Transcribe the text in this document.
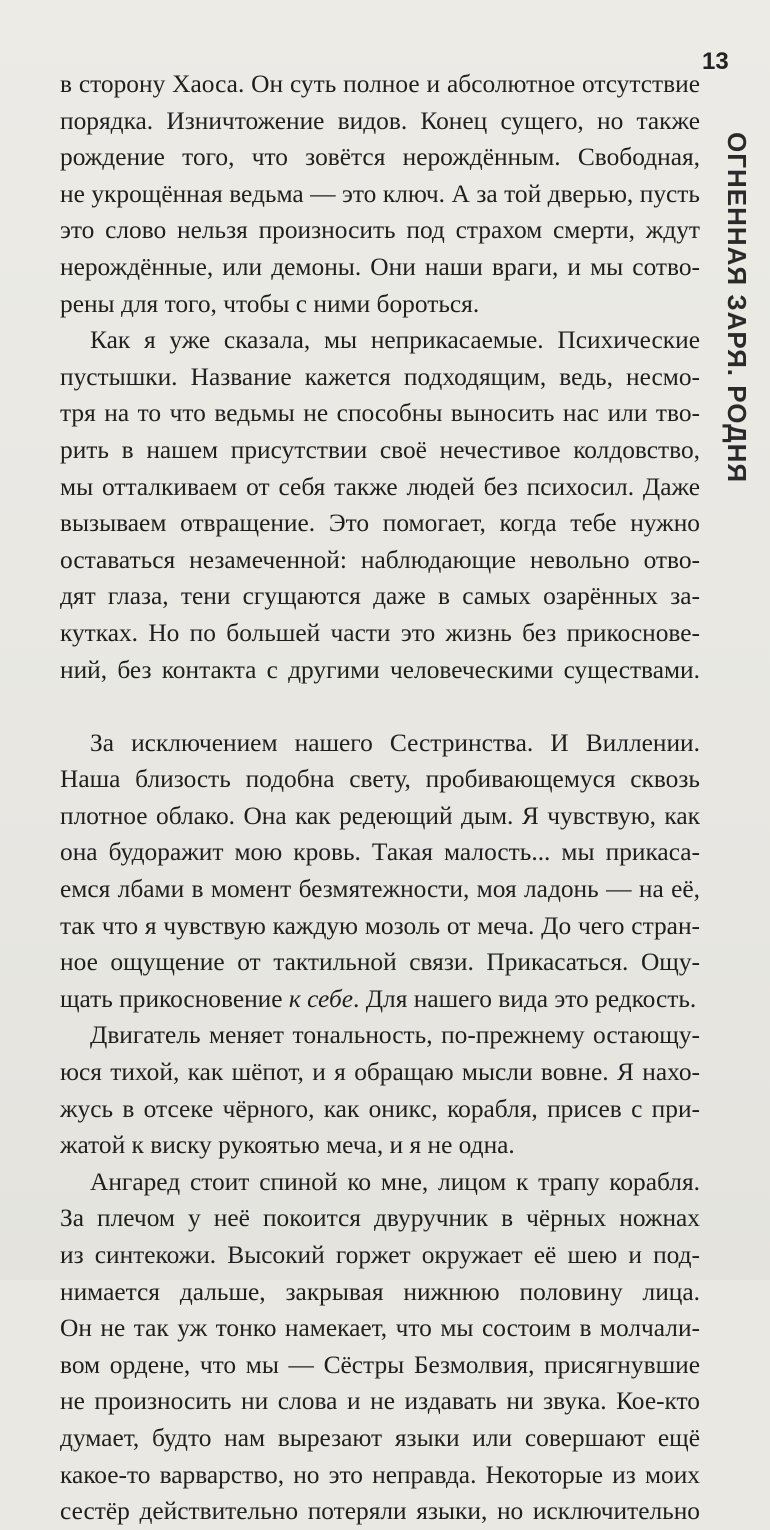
13
ОГНЕННАЯ ЗАРЯ. РОДНЯ
в сторону Хаоса. Он суть полное и абсолютное отсутствие
порядка. Изничтожение видов. Конец сущего, но также
рождение того, что зовётся нерождённым. Свободная,
не укрощённая ведьма — это ключ. А за той дверью, пусть
это слово нельзя произносить под страхом смерти, ждут
нерождённые, или демоны. Они наши враги, и мы сотво-
рены для того, чтобы с ними бороться.
Как я уже сказала, мы неприкасаемые. Психические
пустышки. Название кажется подходящим, ведь, несмо-
тря на то что ведьмы не способны выносить нас или тво-
рить в нашем присутствии своё нечестивое колдовство,
мы отталкиваем от себя также людей без психосил. Даже
вызываем отвращение. Это помогает, когда тебе нужно
оставаться незамеченной: наблюдающие невольно отво-
дят глаза, тени сгущаются даже в самых озарённых за-
кутках. Но по большей части это жизнь без прикоснове-
ний, без контакта с другими человеческими существами.
За исключением нашего Сестринства. И Виллении.
Наша близость подобна свету, пробивающемуся сквозь
плотное облако. Она как редеющий дым. Я чувствую, как
она будоражит мою кровь. Такая малость... мы прикаса-
емся лбами в момент безмятежности, моя ладонь — на её,
так что я чувствую каждую мозоль от меча. До чего стран-
ное ощущение от тактильной связи. Прикасаться. Ощу-
щать прикосновение к себе. Для нашего вида это редкость.
Двигатель меняет тональность, по-прежнему остающу-
юся тихой, как шёпот, и я обращаю мысли вовне. Я нахо-
жусь в отсеке чёрного, как оникс, корабля, присев с при-
жатой к виску рукоятью меча, и я не одна.
Ангаред стоит спиной ко мне, лицом к трапу корабля.
За плечом у неё покоится двуручник в чёрных ножнах
из синтекожи. Высокий горжет окружает её шею и под-
нимается дальше, закрывая нижнюю половину лица.
Он не так уж тонко намекает, что мы состоим в молчали-
вом ордене, что мы — Сёстры Безмолвия, присягнувшие
не произносить ни слова и не издавать ни звука. Кое-кто
думает, будто нам вырезают языки или совершают ещё
какое-то варварство, но это неправда. Некоторые из моих
сестёр действительно потеряли языки, но исключительно
